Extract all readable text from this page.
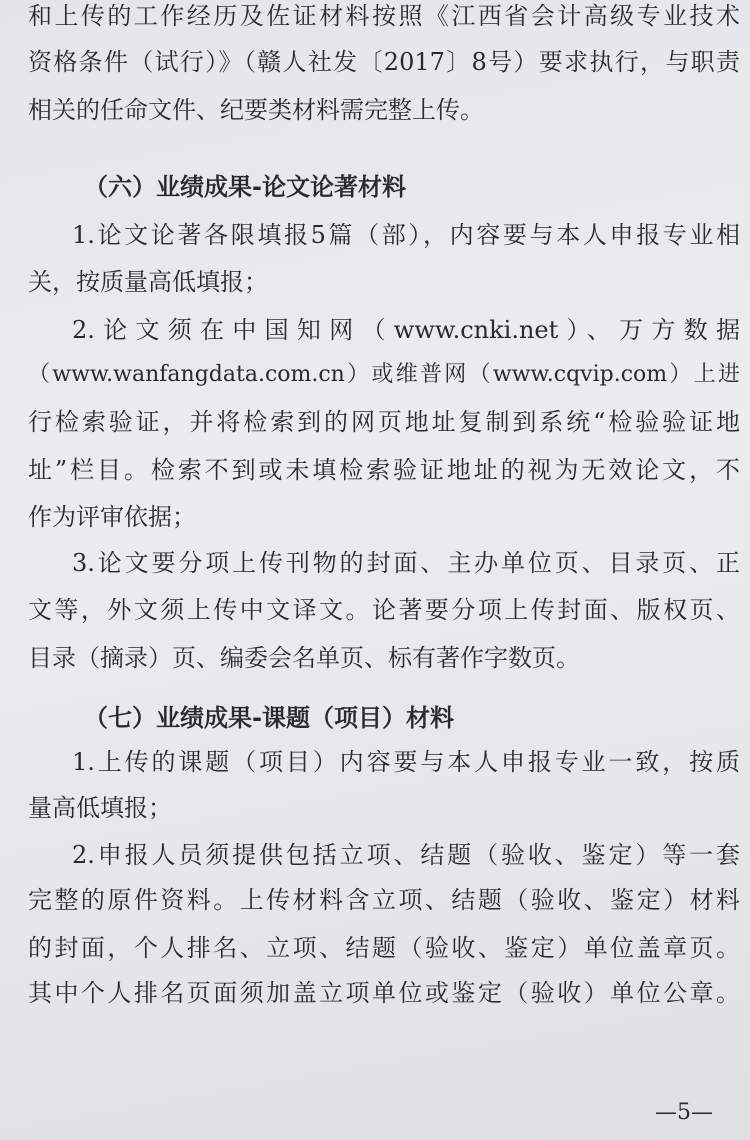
和上传的工作经历及佐证材料按照《江西省会计高级专业技术
资格条件（试行）》（赣人社发〔2017〕8号）要求执行，与职责
相关的任命文件、纪要类材料需完整上传。
（六）业绩成果-论文论著材料
1.论文论著各限填报5篇（部），内容要与本人申报专业相
关，按质量高低填报；
2.论文须在中国知网（www.cnki.net）、万方数据
（www.wanfangdata.com.cn）或维普网（www.cqvip.com）上进
行检索验证，并将检索到的网页地址复制到系统“检验验证地
址”栏目。检索不到或未填检索验证地址的视为无效论文，不
作为评审依据；
3.论文要分项上传刊物的封面、主办单位页、目录页、正
文等，外文须上传中文译文。论著要分项上传封面、版权页、
目录（摘录）页、编委会名单页、标有著作字数页。
（七）业绩成果-课题（项目）材料
1.上传的课题（项目）内容要与本人申报专业一致，按质
量高低填报；
2.申报人员须提供包括立项、结题（验收、鉴定）等一套
完整的原件资料。上传材料含立项、结题（验收、鉴定）材料
的封面，个人排名、立项、结题（验收、鉴定）单位盖章页。
其中个人排名页面须加盖立项单位或鉴定（验收）单位公章。
—5—
